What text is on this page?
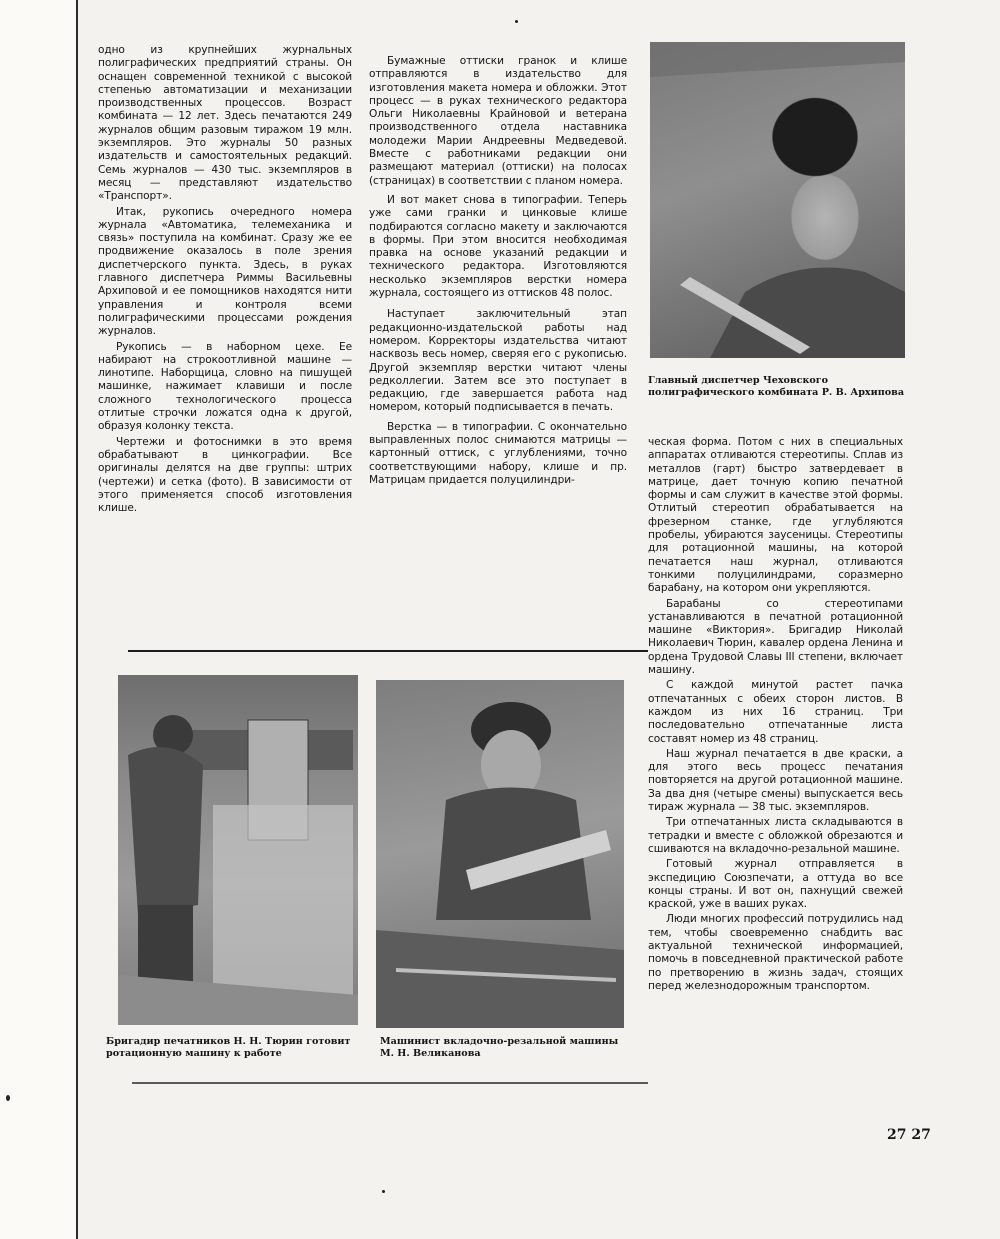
одно из крупнейших журнальных полиграфических предприятий страны. Он оснащен современной техникой с высокой степенью автоматизации и механизации производственных процессов. Возраст комбината — 12 лет. Здесь печатаются 249 журналов общим разовым тиражом 19 млн. экземпляров. Это журналы 50 разных издательств и самостоятельных редакций. Семь журналов — 430 тыс. экземпляров в месяц — представляют издательство «Транспорт».

Итак, рукопись очередного номера журнала «Автоматика, телемеханика и связь» поступила на комбинат. Сразу же ее продвижение оказалось в поле зрения диспетчерского пункта. Здесь, в руках главного диспетчера Риммы Васильевны Архиповой и ее помощников находятся нити управления и контроля всеми полиграфическими процессами рождения журналов.

Рукопись — в наборном цехе. Ее набирают на строкоотливной машине — линотипе. Наборщица, словно на пишущей машинке, нажимает клавиши и после сложного технологического процесса отлитые строчки ложатся одна к другой, образуя колонку текста.

Чертежи и фотоснимки в это время обрабатывают в цинкографии. Все оригиналы делятся на две группы: штрих (чертежи) и сетка (фото). В зависимости от этого применяется способ изготовления клише.

Бумажные оттиски гранок и клише отправляются в издательство для изготовления макета номера и обложки. Этот процесс — в руках технического редактора Ольги Николаевны Крайновой и ветерана производственного отдела наставника молодежи Марии Андреевны Медведевой. Вместе с работниками редакции они размещают материал (оттиски) на полосах (страницах) в соответствии с планом номера.

И вот макет снова в типографии. Теперь уже сами гранки и цинковые клише подбираются согласно макету и заключаются в формы. При этом вносится необходимая правка на основе указаний редакции и технического редактора. Изготовляются несколько экземпляров верстки номера журнала, состоящего из оттисков 48 полос.

Наступает заключительный этап редакционно-издательской работы над номером. Корректоры издательства читают насквозь весь номер, сверяя его с рукописью. Другой экземпляр верстки читают члены редколлегии. Затем все это поступает в редакцию, где завершается работа над номером, который подписывается в печать.

Верстка — в типографии. С окончательно выправленных полос снимаются матрицы — картонный оттиск, с углублениями, точно соответствующими набору, клише и пр. Матрицам придается полуцилиндри-

Главный диспетчер Чеховского полиграфического комбината Р. В. Архипова

ческая форма. Потом с них в специальных аппаратах отливаются стереотипы. Сплав из металлов (гарт) быстро затвердевает в матрице, дает точную копию печатной формы и сам служит в качестве этой формы. Отлитый стереотип обрабатывается на фрезерном станке, где углубляются пробелы, убираются заусеницы. Стереотипы для ротационной машины, на которой печатается наш журнал, отливаются тонкими полуцилиндрами, соразмерно барабану, на котором они укрепляются.

Барабаны со стереотипами устанавливаются в печатной ротационной машине «Виктория». Бригадир Николай Николаевич Тюрин, кавалер ордена Ленина и ордена Трудовой Славы III степени, включает машину.

С каждой минутой растет пачка отпечатанных с обеих сторон листов. В каждом из них 16 страниц. Три последовательно отпечатанные листа составят номер из 48 страниц.

Наш журнал печатается в две краски, а для этого весь процесс печатания повторяется на другой ротационной машине. За два дня (четыре смены) выпускается весь тираж журнала — 38 тыс. экземпляров.

Три отпечатанных листа складываются в тетрадки и вместе с обложкой обрезаются и сшиваются на вкладочно-резальной машине.

Готовый журнал отправляется в экспедицию Союзпечати, а оттуда во все концы страны. И вот он, пахнущий свежей краской, уже в ваших руках.

Люди многих профессий потрудились над тем, чтобы своевременно снабдить вас актуальной технической информацией, помочь в повседневной практической работе по претворению в жизнь задач, стоящих перед железнодорожным транспортом.

Бригадир печатников Н. Н. Тюрин готовит ротационную машину к работе
Машинист вкладочно-резальной машины М. Н. Великанова
27 27
